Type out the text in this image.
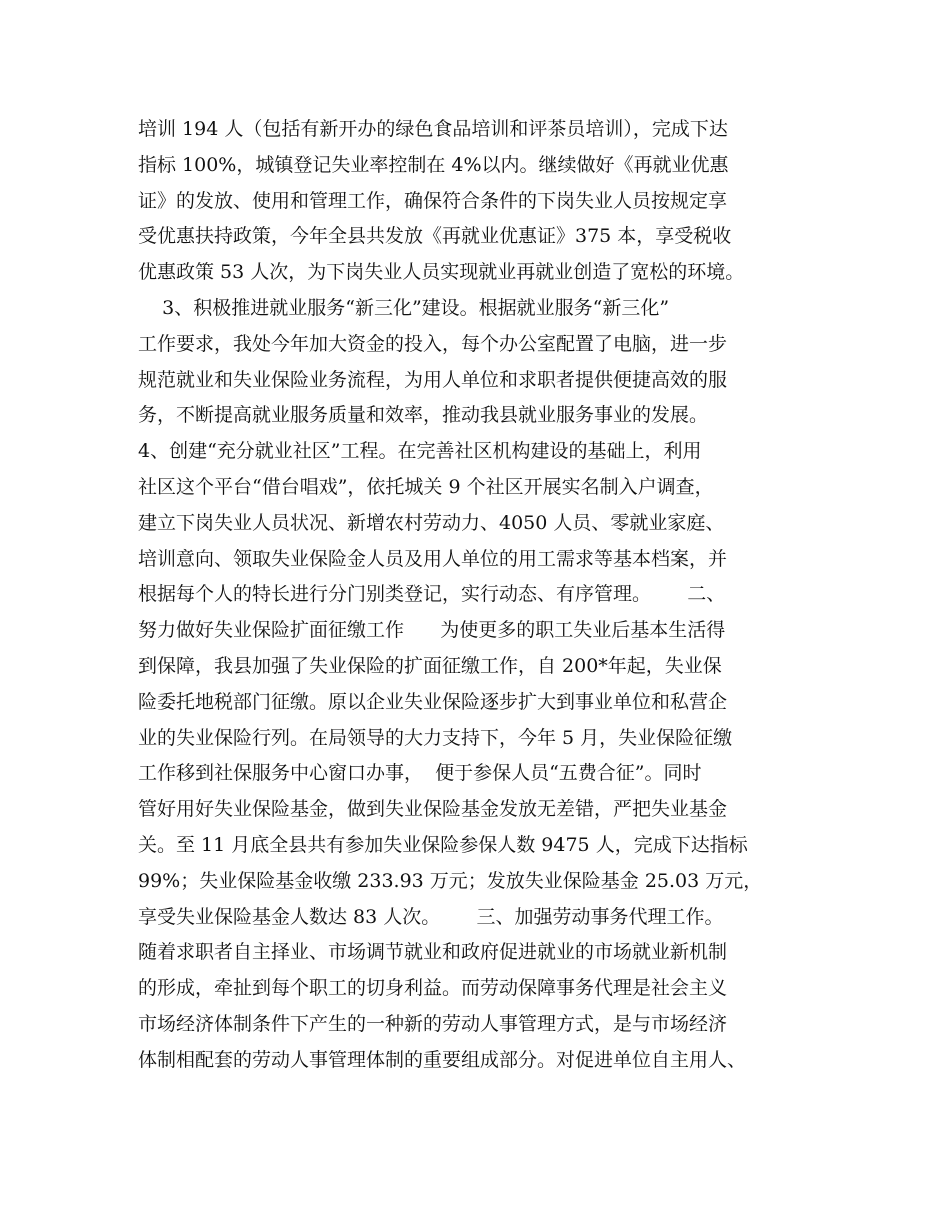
培训 194 人（包括有新开办的绿色食品培训和评茶员培训），完成下达
指标 100%，城镇登记失业率控制在 4%以内。继续做好《再就业优惠
证》的发放、使用和管理工作，确保符合条件的下岗失业人员按规定享
受优惠扶持政策，今年全县共发放《再就业优惠证》375 本，享受税收
优惠政策 53 人次，为下岗失业人员实现就业再就业创造了宽松的环境。
3、积极推进就业服务“新三化”建设。根据就业服务“新三化”
工作要求，我处今年加大资金的投入，每个办公室配置了电脑，进一步
规范就业和失业保险业务流程，为用人单位和求职者提供便捷高效的服
务，不断提高就业服务质量和效率，推动我县就业服务事业的发展。
4、创建“充分就业社区”工程。在完善社区机构建设的基础上，利用
社区这个平台“借台唱戏”，依托城关 9 个社区开展实名制入户调查，
建立下岗失业人员状况、新增农村劳动力、4050 人员、零就业家庭、
培训意向、领取失业保险金人员及用人单位的用工需求等基本档案，并
根据每个人的特长进行分门别类登记，实行动态、有序管理。      二、
努力做好失业保险扩面征缴工作      为使更多的职工失业后基本生活得
到保障，我县加强了失业保险的扩面征缴工作，自 200*年起，失业保
险委托地税部门征缴。原以企业失业保险逐步扩大到事业单位和私营企
业的失业保险行列。在局领导的大力支持下，今年 5 月，失业保险征缴
工作移到社保服务中心窗口办事，  便于参保人员“五费合征”。同时
管好用好失业保险基金，做到失业保险基金发放无差错，严把失业基金
关。至 11 月底全县共有参加失业保险参保人数 9475 人，完成下达指标
99%；失业保险基金收缴 233.93 万元；发放失业保险基金 25.03 万元，
享受失业保险基金人数达 83 人次。      三、加强劳动事务代理工作。
随着求职者自主择业、市场调节就业和政府促进就业的市场就业新机制
的形成，牵扯到每个职工的切身利益。而劳动保障事务代理是社会主义
市场经济体制条件下产生的一种新的劳动人事管理方式，是与市场经济
体制相配套的劳动人事管理体制的重要组成部分。对促进单位自主用人、
